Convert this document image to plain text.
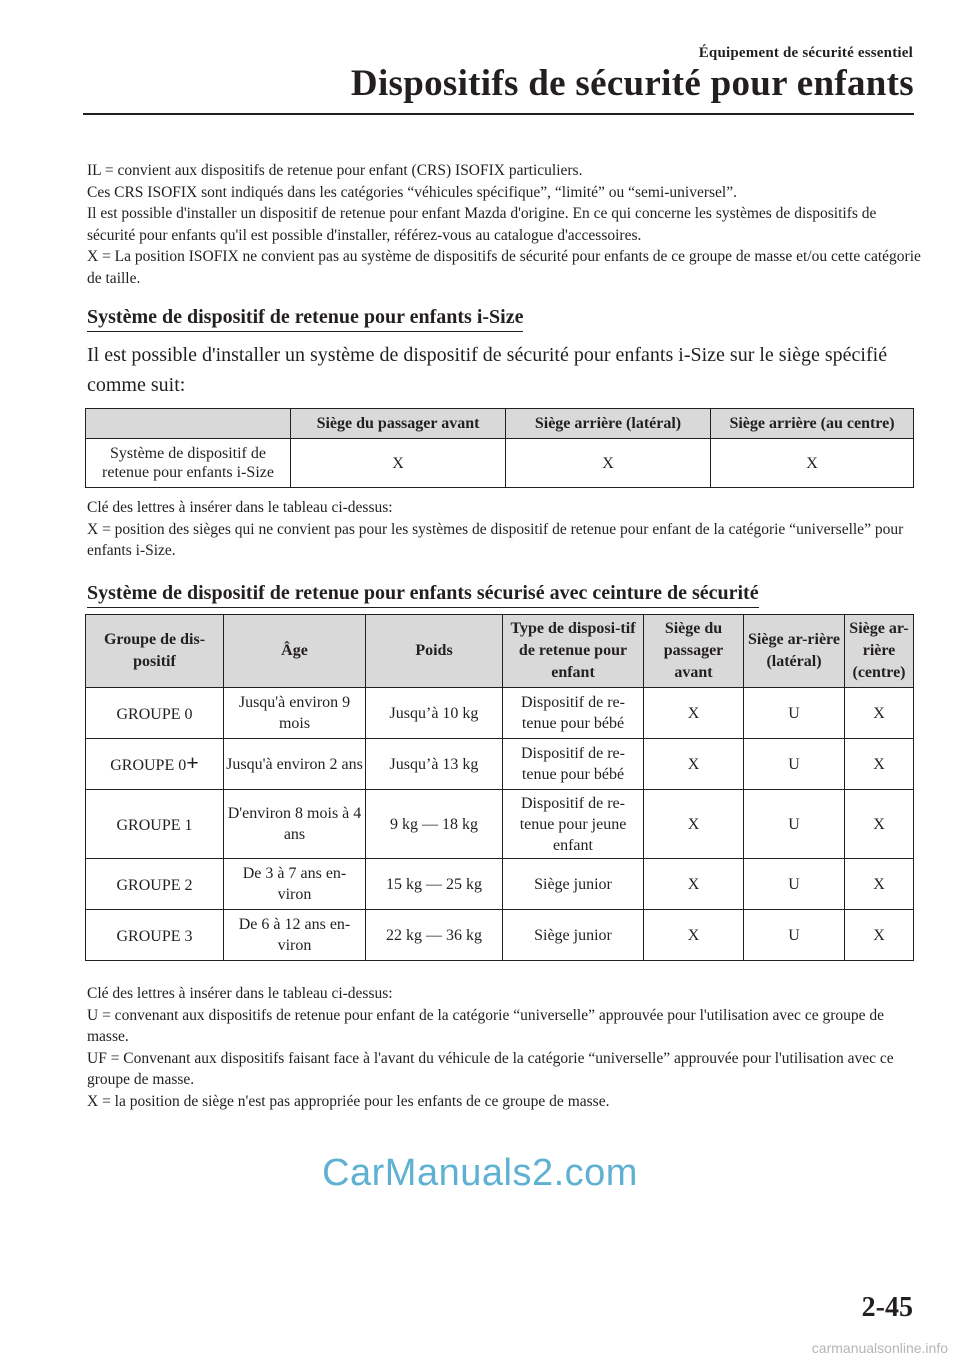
Équipement de sécurité essentiel
Dispositifs de sécurité pour enfants

IL = convient aux dispositifs de retenue pour enfant (CRS) ISOFIX particuliers.

Ces CRS ISOFIX sont indiqués dans les catégories “véhicules spécifique”, “limité” ou “semi-universel”.

Il est possible d'installer un dispositif de retenue pour enfant Mazda d'origine. En ce qui concerne les systèmes de dispositifs de sécurité pour enfants qu'il est possible d'installer, référez-vous au catalogue d'accessoires.

X = La position ISOFIX ne convient pas au système de dispositifs de sécurité pour enfants de ce groupe de masse et/ou cette catégorie de taille.

Système de dispositif de retenue pour enfants i-Size
Il est possible d'installer un système de dispositif de sécurité pour enfants i-Size sur le siège spécifié comme suit:
	Siège du passager avant	Siège arrière (latéral)	Siège arrière (au centre)
Système de dispositif de retenue pour enfants i-Size	X	X	X

Clé des lettres à insérer dans le tableau ci-dessus:

X = position des sièges qui ne convient pas pour les systèmes de dispositif de retenue pour enfant de la catégorie “universelle” pour enfants i-Size.

Système de dispositif de retenue pour enfants sécurisé avec ceinture de sécurité
Groupe de dis-positif	Âge	Poids	Type de disposi-tif de retenue pour enfant	Siège du passager avant	Siège ar-rière (latéral)	Siège ar-rière (centre)
GROUPE 0	Jusqu'à environ 9 mois	Jusqu’à 10 kg	Dispositif de re-tenue pour bébé	X	U	X
GROUPE 0+	Jusqu'à environ 2 ans	Jusqu’à 13 kg	Dispositif de re-tenue pour bébé	X	U	X
GROUPE 1	D'environ 8 mois à 4 ans	9 kg — 18 kg	Dispositif de re-tenue pour jeune enfant	X	U	X
GROUPE 2	De 3 à 7 ans en-viron	15 kg — 25 kg	Siège junior	X	U	X
GROUPE 3	De 6 à 12 ans en-viron	22 kg — 36 kg	Siège junior	X	U	X

Clé des lettres à insérer dans le tableau ci-dessus:

U = convenant aux dispositifs de retenue pour enfant de la catégorie “universelle” approuvée pour l'utilisation avec ce groupe de masse.

UF = Convenant aux dispositifs faisant face à l'avant du véhicule de la catégorie “universelle” approuvée pour l'utilisation avec ce groupe de masse.

X = la position de siège n'est pas appropriée pour les enfants de ce groupe de masse.

CarManuals2.com
2-45
carmanualsonline.info
